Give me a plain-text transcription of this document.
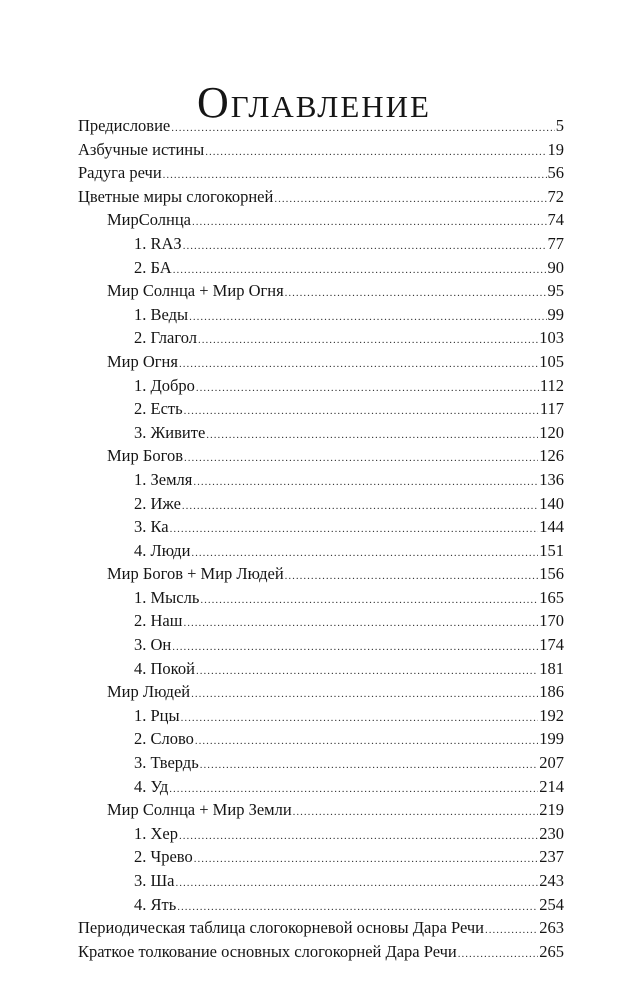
Оглавление
Предисловие .....	5
Азбучные истины .....	19
Радуга речи .....	56
Цветные миры слогокорней .....	72
МирСолнца .....	74
1. RAЗ .....	77
2. БА .....	90
Мир Солнца + Мир Огня .....	95
1. Веды .....	99
2. Глагол .....	103
Мир Огня .....	105
1. Добро .....	112
2. Есть .....	117
3. Живите .....	120
Мир Богов .....	126
1. Земля .....	136
2. Иже .....	140
3. Ка .....	144
4. Люди .....	151
Мир Богов + Мир Людей .....	156
1. Мысль .....	165
2. Наш .....	170
3. Он .....	174
4. Покой .....	181
Мир Людей .....	186
1. Рцы .....	192
2. Слово .....	199
3. Твердь .....	207
4. Уд .....	214
Мир Солнца + Мир Земли .....	219
1. Хер .....	230
2. Чрево .....	237
3. Ша .....	243
4. Ять .....	254
Периодическая таблица слогокорневой основы Дара Речи .....	263
Краткое толкование основных слогокорней Дара Речи .....	265
